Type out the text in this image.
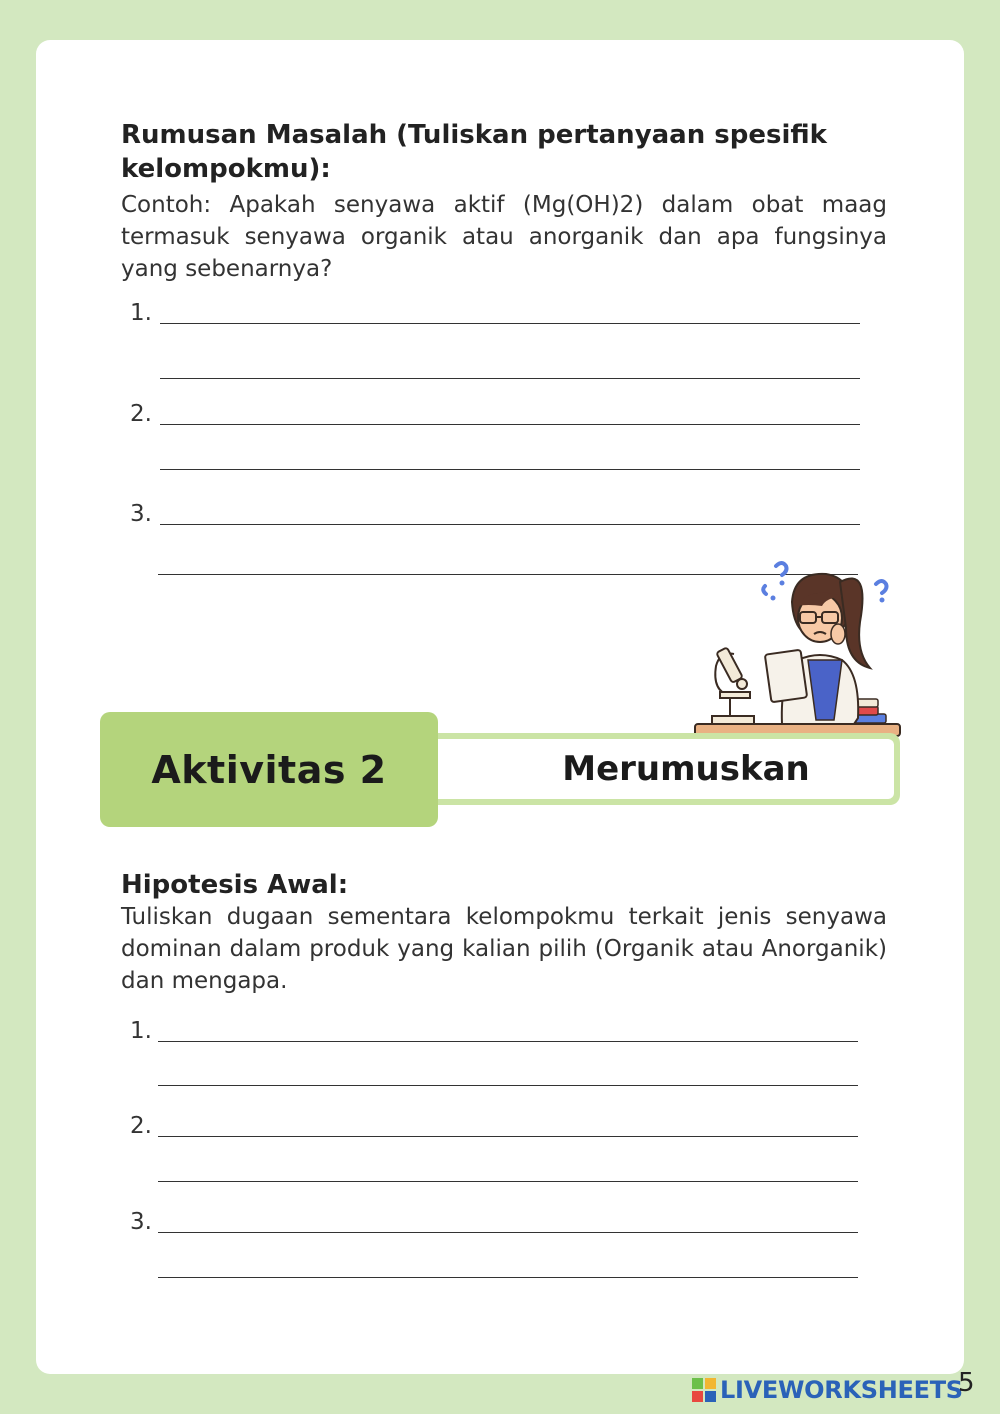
Rumusan Masalah (Tuliskan pertanyaan spesifik
kelompokmu):

Contoh: Apakah senyawa aktif (Mg(OH)2) dalam obat maag termasuk senyawa organik atau anorganik dan apa fungsinya yang sebenarnya?

1.
2.
3.
Merumuskan
Aktivitas 2

Hipotesis Awal:

Tuliskan dugaan sementara kelompokmu terkait jenis senyawa dominan dalam produk yang kalian pilih (Organik atau Anorganik) dan mengapa.

1.
2.
3.
LIVEWORKSHEETS
5
